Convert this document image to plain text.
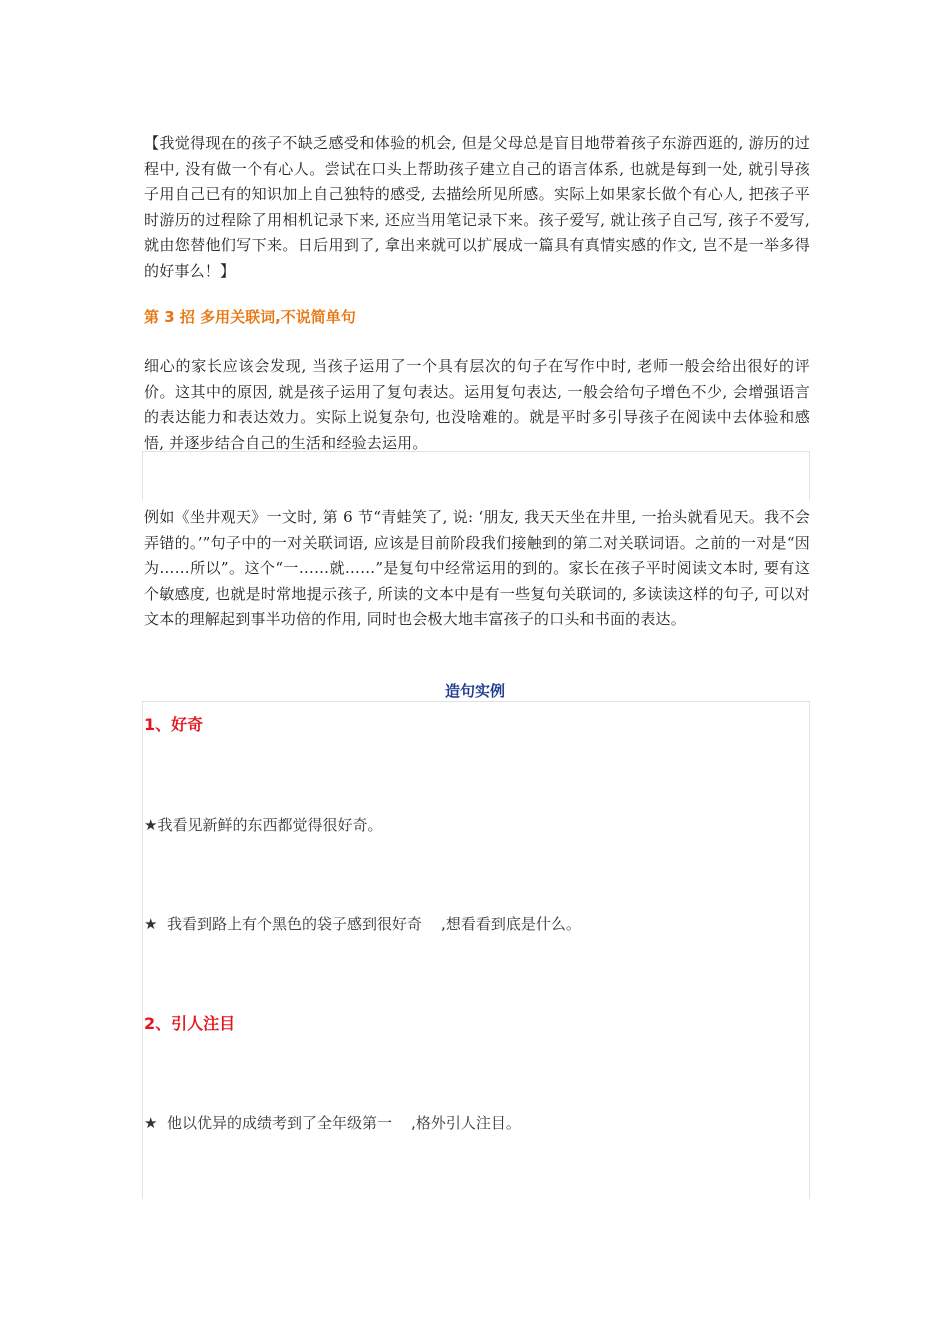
【我觉得现在的孩子不缺乏感受和体验的机会, 但是父母总是盲目地带着孩子东游西逛的, 游历的过程中, 没有做一个有心人。尝试在口头上帮助孩子建立自己的语言体系, 也就是每到一处, 就引导孩子用自己已有的知识加上自己独特的感受, 去描绘所见所感。实际上如果家长做个有心人, 把孩子平时游历的过程除了用相机记录下来, 还应当用笔记录下来。孩子爱写, 就让孩子自己写, 孩子不爱写, 就由您替他们写下来。日后用到了, 拿出来就可以扩展成一篇具有真情实感的作文, 岂不是一举多得的好事么！】

第 3 招 多用关联词,不说简单句

细心的家长应该会发现, 当孩子运用了一个具有层次的句子在写作中时, 老师一般会给出很好的评价。这其中的原因, 就是孩子运用了复句表达。运用复句表达, 一般会给句子增色不少, 会增强语言的表达能力和表达效力。实际上说复杂句, 也没啥难的。就是平时多引导孩子在阅读中去体验和感悟, 并逐步结合自己的生活和经验去运用。

例如《坐井观天》一文时, 第 6 节“青蛙笑了, 说: ‘朋友, 我天天坐在井里, 一抬头就看见天。我不会弄错的。’”句子中的一对关联词语, 应该是目前阶段我们接触到的第二对关联词语。之前的一对是“因为……所以”。这个“一……就……”是复句中经常运用的到的。家长在孩子平时阅读文本时, 要有这个敏感度, 也就是时常地提示孩子, 所读的文本中是有一些复句关联词的, 多读读这样的句子, 可以对文本的理解起到事半功倍的作用, 同时也会极大地丰富孩子的口头和书面的表达。

造句实例

1、好奇

★我看见新鲜的东西都觉得很好奇。

★  我看到路上有个黑色的袋子感到很好奇    ,想看看到底是什么。

2、引人注目

★  他以优异的成绩考到了全年级第一    ,格外引人注目。
